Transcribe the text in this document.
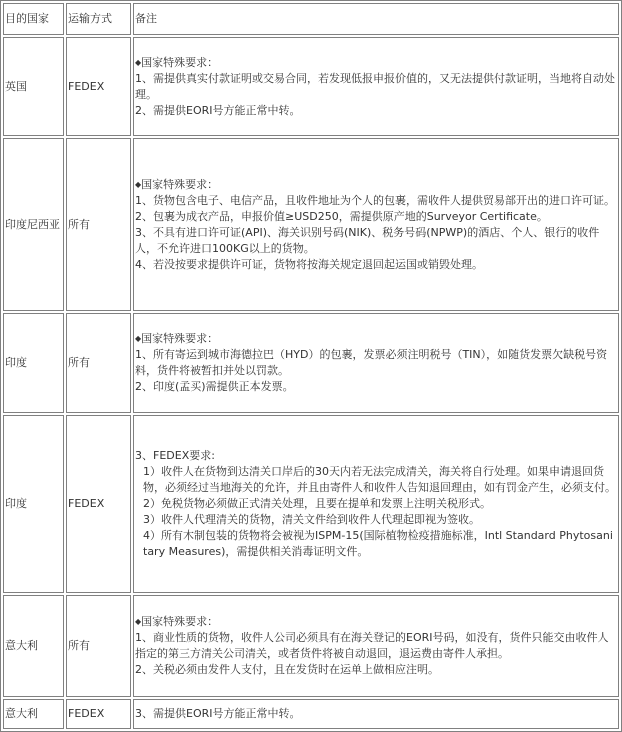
目的国家	运输方式	备注
英国	FEDEX	◆国家特殊要求：
1、需提供真实付款证明或交易合同，若发现低报申报价值的，又无法提供付款证明，当地将自动处理。
2、需提供EORI号方能正常中转。

印度尼西亚	所有	◆国家特殊要求：
1、货物包含电子、电信产品，且收件地址为个人的包裹，需收件人提供贸易部开出的进口许可证。
2、包裹为成衣产品，申报价值≥USD250，需提供原产地的Surveyor Certificate。
3、不具有进口许可证(API)、海关识别号码(NIK)、税务号码(NPWP)的酒店、个人、银行的收件人，不允许进口100KG以上的货物。
4、若没按要求提供许可证，货物将按海关规定退回起运国或销毁处理。

印度	所有	◆国家特殊要求：
1、所有寄运到城市海德拉巴（HYD）的包裹，发票必须注明税号（TIN），如随货发票欠缺税号资料，货件将被暂扣并处以罚款。
2、印度(孟买)需提供正本发票。

印度	FEDEX	3、FEDEX要求:
1）收件人在货物到达清关口岸后的30天内若无法完成清关，海关将自行处理。如果申请退回货物，必须经过当地海关的允许，并且由寄件人和收件人告知退回理由，如有罚金产生，必须支付。
2）免税货物必须做正式清关处理，且要在提单和发票上注明关税形式。
3）收件人代理清关的货物，清关文件给到收件人代理起即视为签收。
4）所有木制包装的货物将会被视为ISPM-15(国际植物检疫措施标准，Intl Standard Phytosanitary Measures)，需提供相关消毒证明文件。

意大利	所有	◆国家特殊要求：
1、商业性质的货物，收件人公司必须具有在海关登记的EORI号码，如没有，货件只能交由收件人指定的第三方清关公司清关，或者货件将被自动退回，退运费由寄件人承担。
2、关税必须由发件人支付，且在发货时在运单上做相应注明。

意大利	FEDEX	3、需提供EORI号方能正常中转。
